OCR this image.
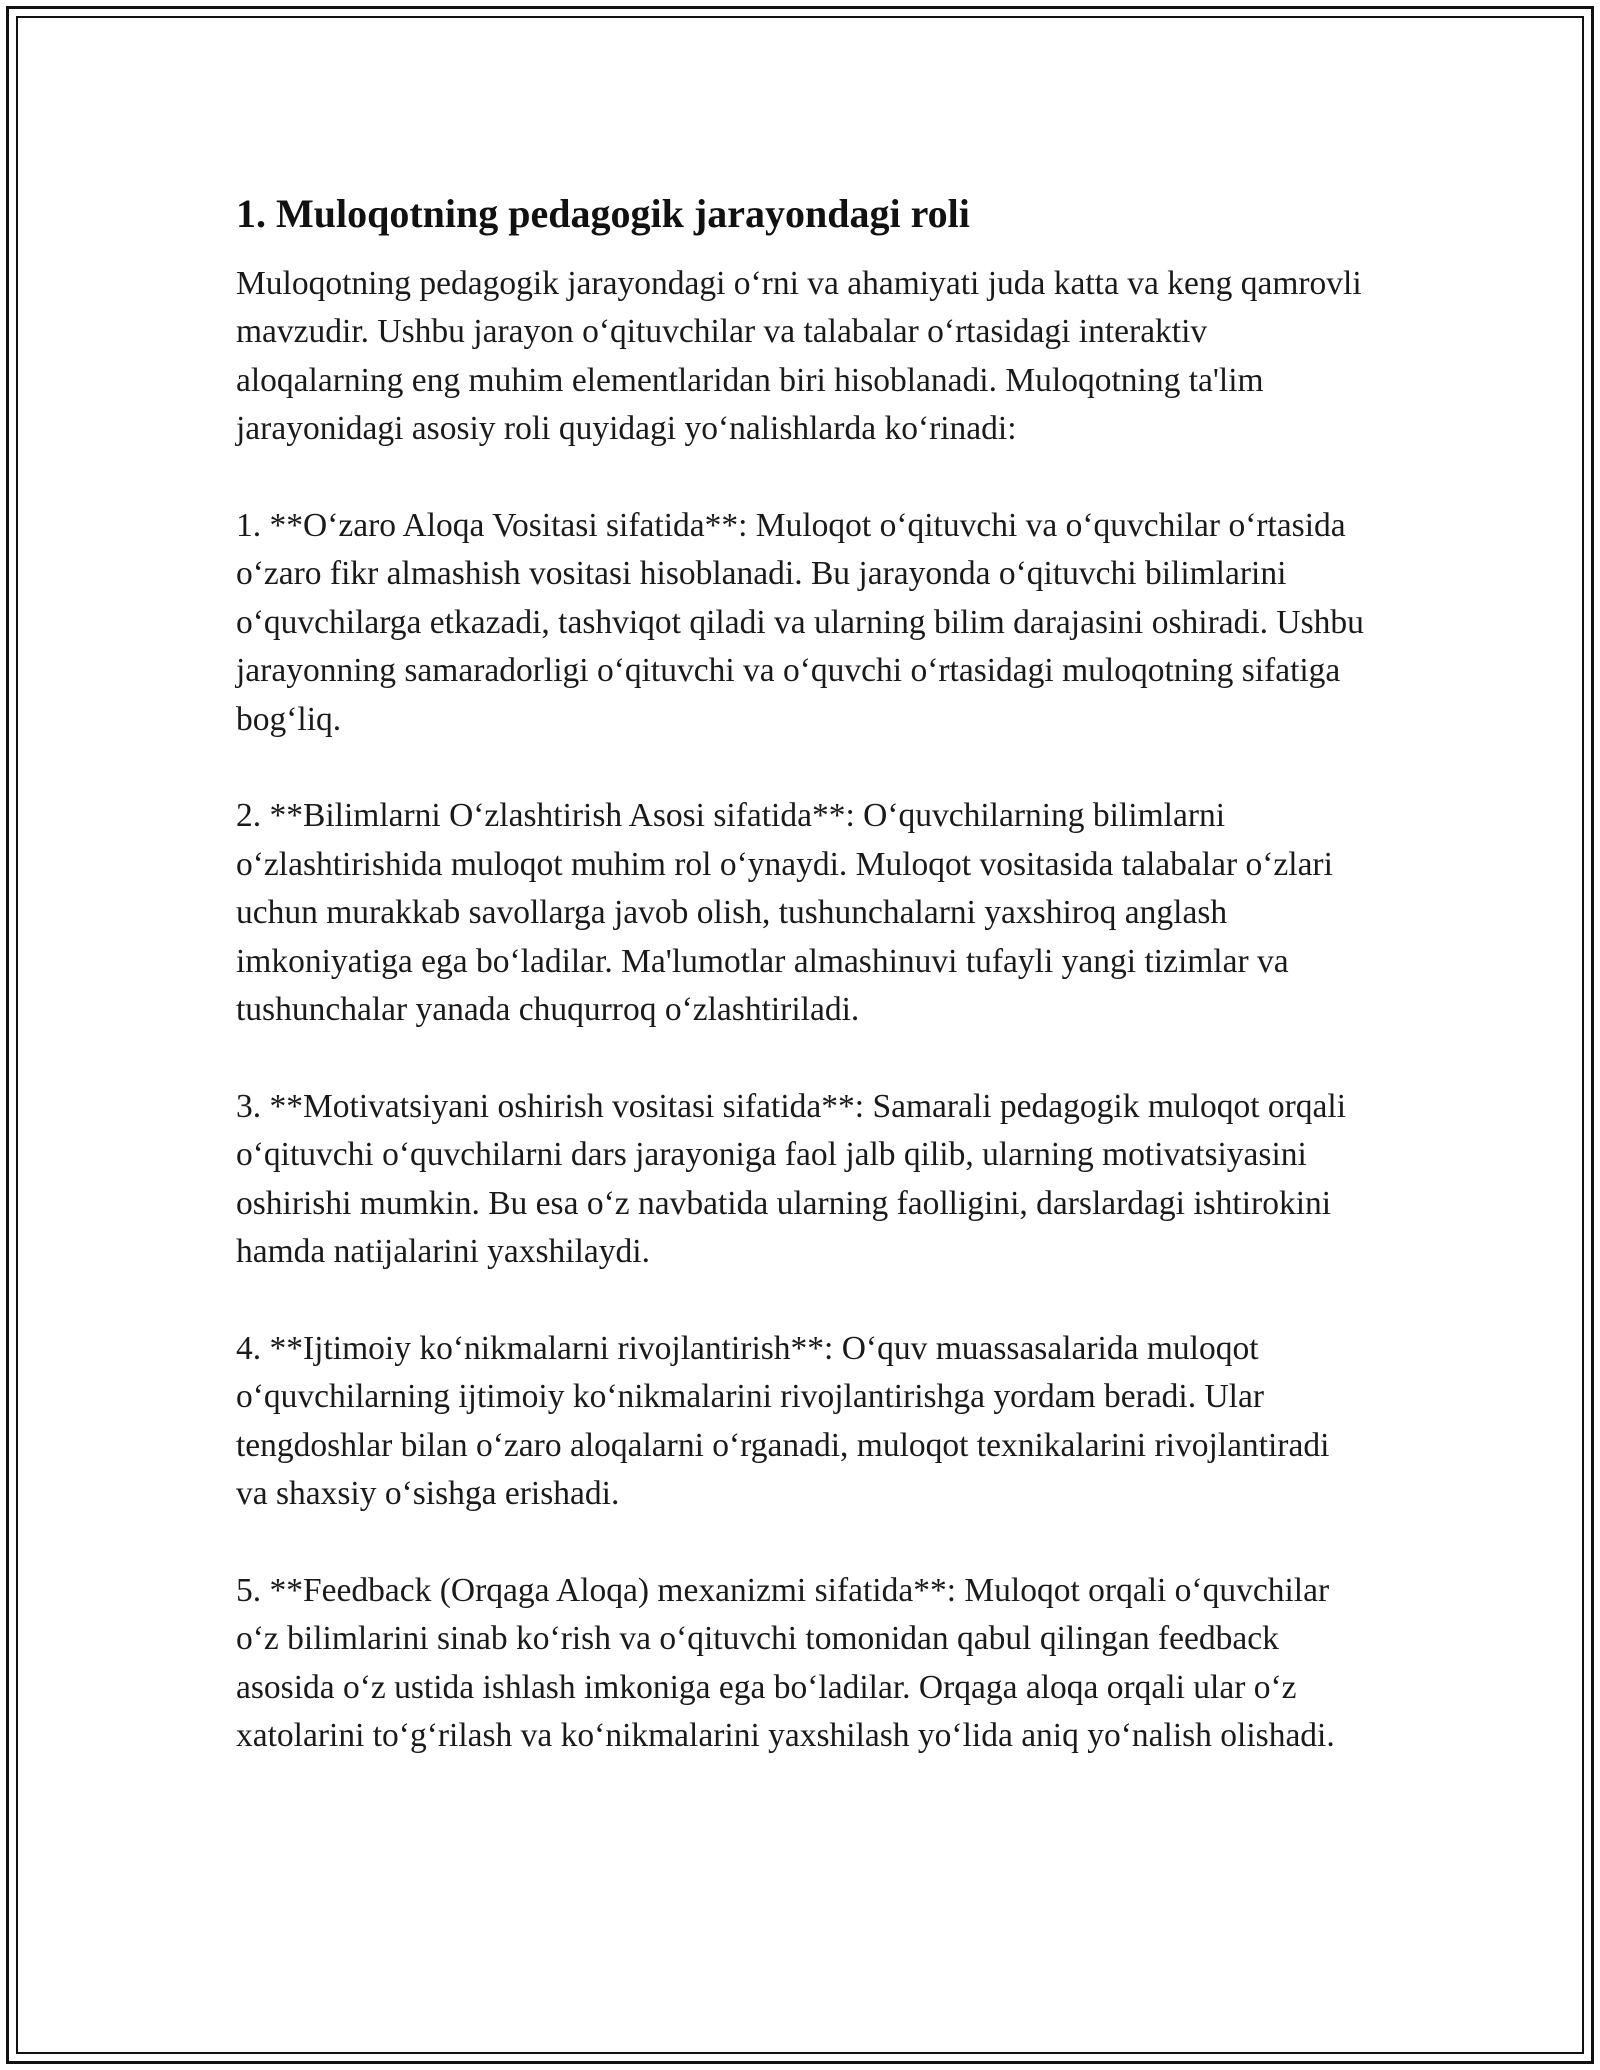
1. Muloqotning pedagogik jarayondagi roli

Muloqotning pedagogik jarayondagi o‘rni va ahamiyati juda katta va keng qamrovli mavzudir. Ushbu jarayon o‘qituvchilar va talabalar o‘rtasidagi interaktiv aloqalarning eng muhim elementlaridan biri hisoblanadi. Muloqotning ta'lim jarayonidagi asosiy roli quyidagi yo‘nalishlarda ko‘rinadi:

1. **O‘zaro Aloqa Vositasi sifatida**: Muloqot o‘qituvchi va o‘quvchilar o‘rtasida o‘zaro fikr almashish vositasi hisoblanadi. Bu jarayonda o‘qituvchi bilimlarini o‘quvchilarga etkazadi, tashviqot qiladi va ularning bilim darajasini oshiradi. Ushbu jarayonning samaradorligi o‘qituvchi va o‘quvchi o‘rtasidagi muloqotning sifatiga bog‘liq.

2. **Bilimlarni O‘zlashtirish Asosi sifatida**: O‘quvchilarning bilimlarni o‘zlashtirishida muloqot muhim rol o‘ynaydi. Muloqot vositasida talabalar o‘zlari uchun murakkab savollarga javob olish, tushunchalarni yaxshiroq anglash imkoniyatiga ega bo‘ladilar. Ma'lumotlar almashinuvi tufayli yangi tizimlar va tushunchalar yanada chuqurroq o‘zlashtiriladi.

3. **Motivatsiyani oshirish vositasi sifatida**: Samarali pedagogik muloqot orqali o‘qituvchi o‘quvchilarni dars jarayoniga faol jalb qilib, ularning motivatsiyasini oshirishi mumkin. Bu esa o‘z navbatida ularning faolligini, darslardagi ishtirokini hamda natijalarini yaxshilaydi.

4. **Ijtimoiy ko‘nikmalarni rivojlantirish**: O‘quv muassasalarida muloqot o‘quvchilarning ijtimoiy ko‘nikmalarini rivojlantirishga yordam beradi. Ular tengdoshlar bilan o‘zaro aloqalarni o‘rganadi, muloqot texnikalarini rivojlantiradi va shaxsiy o‘sishga erishadi.

5. **Feedback (Orqaga Aloqa) mexanizmi sifatida**: Muloqot orqali o‘quvchilar o‘z bilimlarini sinab ko‘rish va o‘qituvchi tomonidan qabul qilingan feedback asosida o‘z ustida ishlash imkoniga ega bo‘ladilar. Orqaga aloqa orqali ular o‘z xatolarini to‘g‘rilash va ko‘nikmalarini yaxshilash yo‘lida aniq yo‘nalish olishadi.
